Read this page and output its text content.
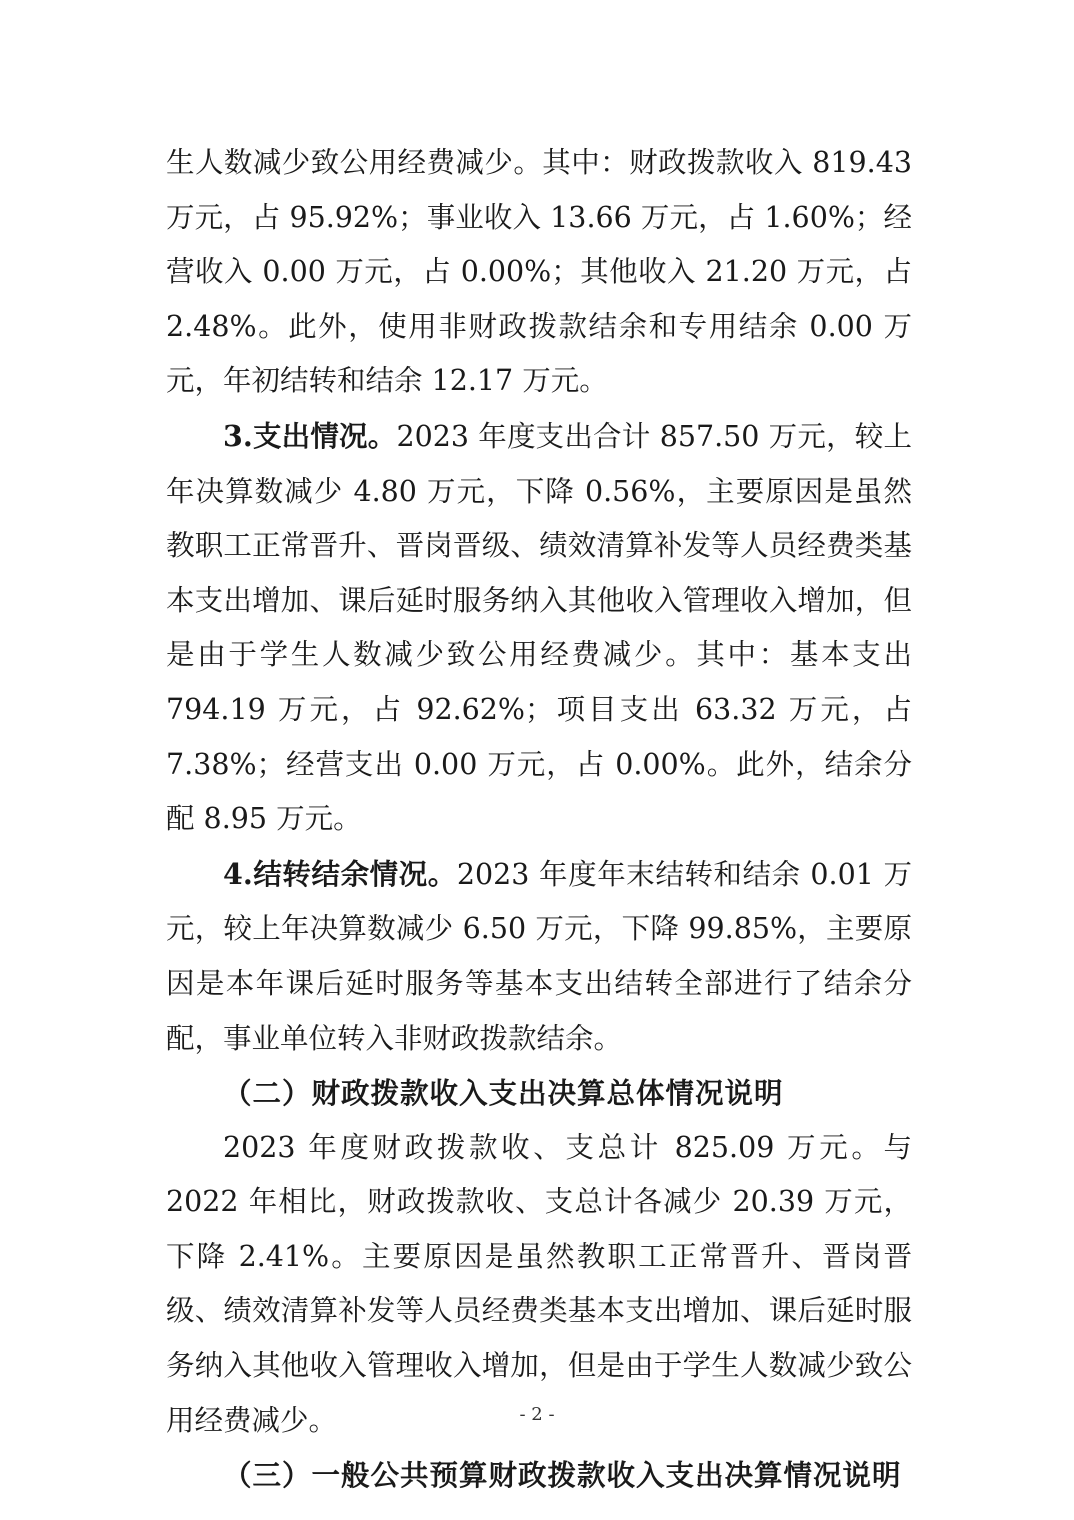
生人数减少致公用经费减少。其中：财政拨款收入 819.43 万元，占 95.92%；事业收入 13.66 万元，占 1.60%；经营收入 0.00 万元，占 0.00%；其他收入 21.20 万元，占 2.48%。此外，使用非财政拨款结余和专用结余 0.00 万元，年初结转和结余 12.17 万元。

3.支出情况。2023 年度支出合计 857.50 万元，较上年决算数减少 4.80 万元，下降 0.56%，主要原因是虽然教职工正常晋升、晋岗晋级、绩效清算补发等人员经费类基本支出增加、课后延时服务纳入其他收入管理收入增加，但是由于学生人数减少致公用经费减少。其中：基本支出 794.19 万元，占 92.62%；项目支出 63.32 万元，占 7.38%；经营支出 0.00 万元，占 0.00%。此外，结余分配 8.95 万元。

4.结转结余情况。2023 年度年末结转和结余 0.01 万元，较上年决算数减少 6.50 万元，下降 99.85%，主要原因是本年课后延时服务等基本支出结转全部进行了结余分配，事业单位转入非财政拨款结余。

（二）财政拨款收入支出决算总体情况说明

2023 年度财政拨款收、支总计 825.09 万元。与 2022 年相比，财政拨款收、支总计各减少 20.39 万元，下降 2.41%。主要原因是虽然教职工正常晋升、晋岗晋级、绩效清算补发等人员经费类基本支出增加、课后延时服务纳入其他收入管理收入增加，但是由于学生人数减少致公用经费减少。

（三）一般公共预算财政拨款收入支出决算情况说明

- 2 -
